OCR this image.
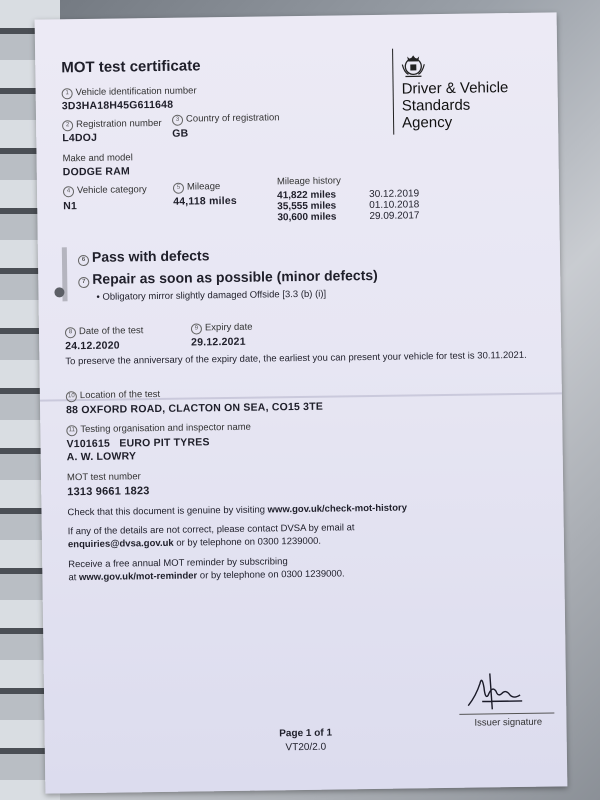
MOT test certificate
Driver & Vehicle
Standards
Agency
1 Vehicle identification number
3D3HA18H45G611648
2 Registration number
L4DOJ
3 Country of registration
GB
Make and model
DODGE RAM
4 Vehicle category
N1
5 Mileage
44,118 miles
Mileage history
41,822 miles	30.12.2019
35,555 miles	01.10.2018
30,600 miles	29.09.2017
6 Pass with defects
7 Repair as soon as possible (minor defects)
• Obligatory mirror slightly damaged Offside [3.3 (b) (i)]
8 Date of the test
24.12.2020
9 Expiry date
29.12.2021
To preserve the anniversary of the expiry date, the earliest you can present your vehicle for test is 30.11.2021.
10 Location of the test
88 OXFORD ROAD, CLACTON ON SEA, CO15 3TE
11 Testing organisation and inspector name
V101615   EURO PIT TYRES
A. W. LOWRY
MOT test number
1313 9661 1823
Check that this document is genuine by visiting www.gov.uk/check-mot-history
If any of the details are not correct, please contact DVSA by email at
enquiries@dvsa.gov.uk or by telephone on 0300 1239000.
Receive a free annual MOT reminder by subscribing
at www.gov.uk/mot-reminder or by telephone on 0300 1239000.
Issuer signature
Page 1 of 1
VT20/2.0
